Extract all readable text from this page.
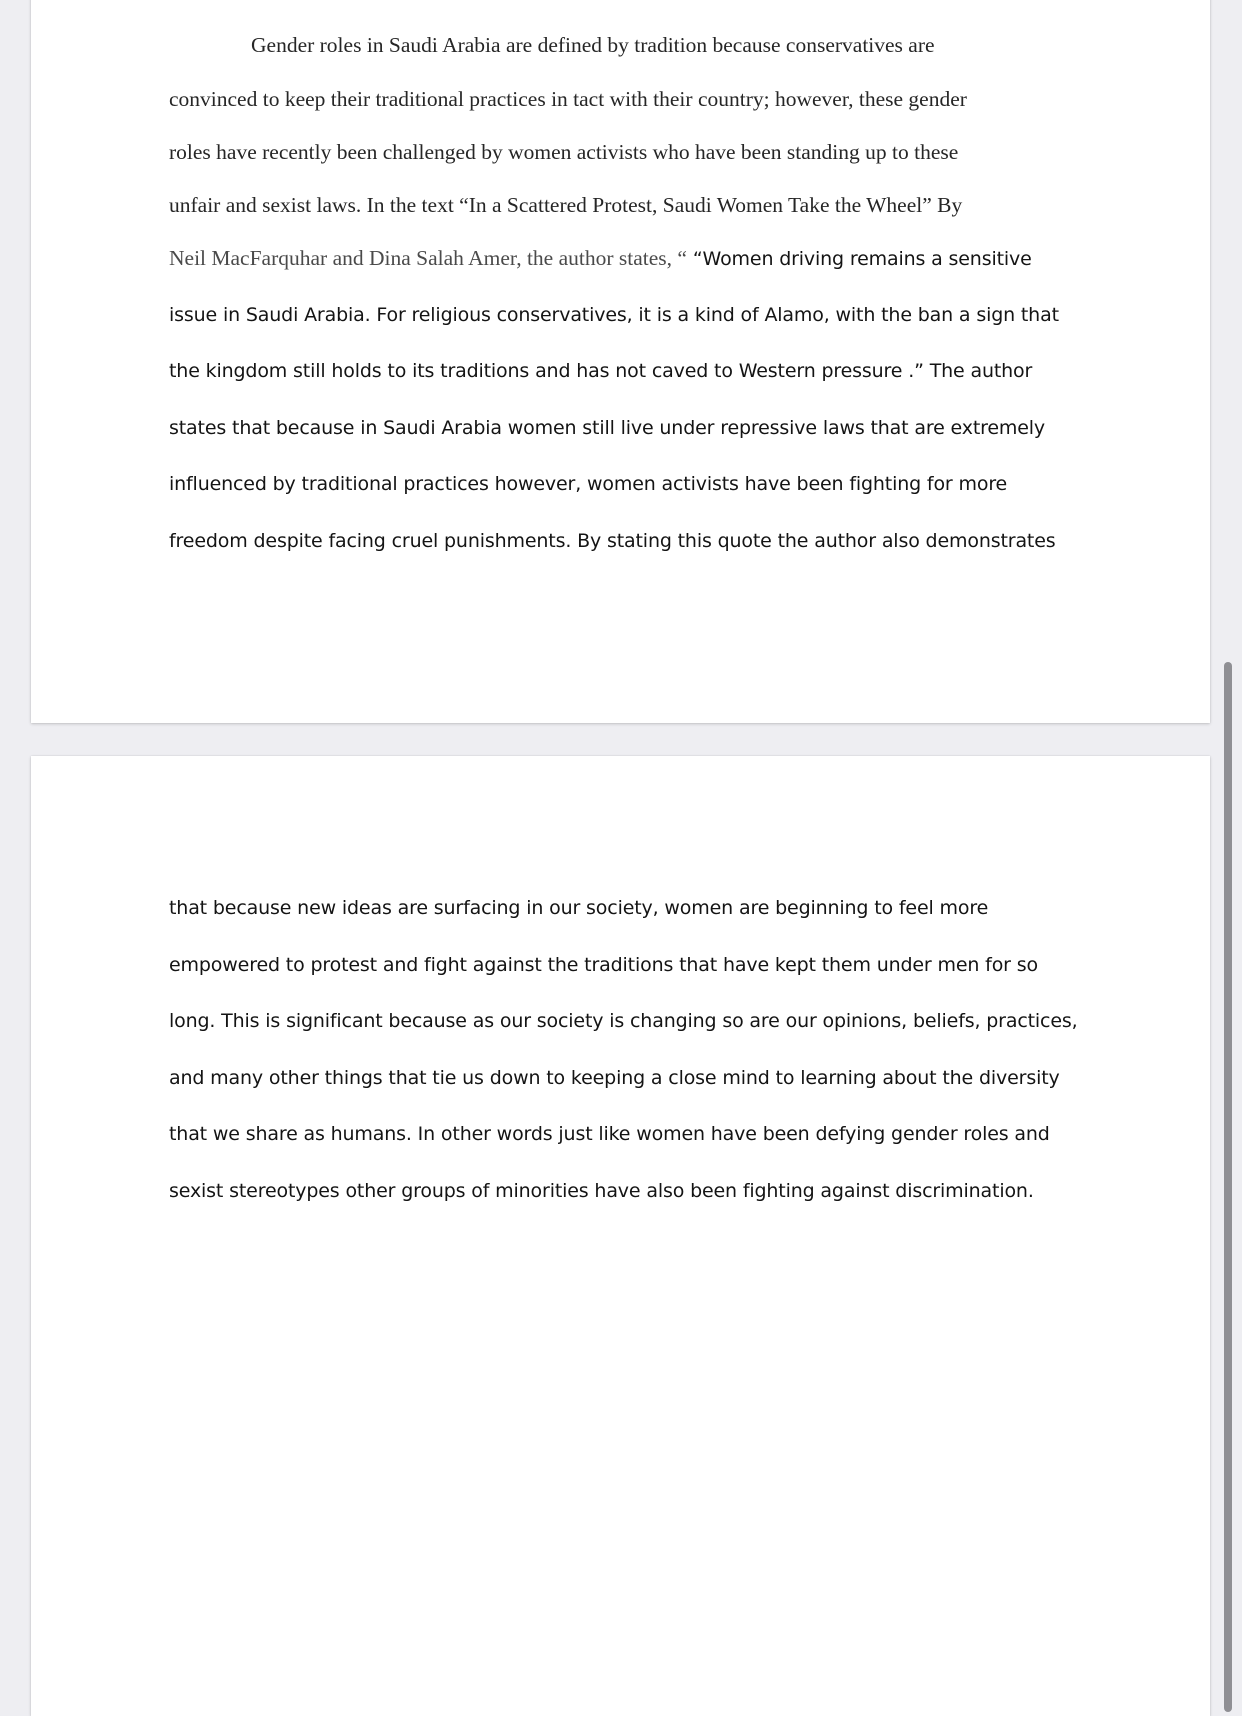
Gender roles in Saudi Arabia are defined by tradition because conservatives are
convinced to keep their traditional practices in tact with their country; however, these gender
roles have recently been challenged by women activists who have been standing up to these
unfair and sexist laws. In the text “In a Scattered Protest, Saudi Women Take the Wheel” By
Neil MacFarquhar and Dina Salah Amer, the author states, “ “Women driving remains a sensitive
issue in Saudi Arabia. For religious conservatives, it is a kind of Alamo, with the ban a sign that
the kingdom still holds to its traditions and has not caved to Western pressure .” The author
states that because in Saudi Arabia women still live under repressive laws that are extremely
influenced by traditional practices however, women activists have been fighting for more
freedom despite facing cruel punishments. By stating this quote the author also demonstrates
that because new ideas are surfacing in our society, women are beginning to feel more
empowered to protest and fight against the traditions that have kept them under men for so
long. This is significant because as our society is changing so are our opinions, beliefs, practices,
and many other things that tie us down to keeping a close mind to learning about the diversity
that we share as humans. In other words just like women have been defying gender roles and
sexist stereotypes other groups of minorities have also been fighting against discrimination.
